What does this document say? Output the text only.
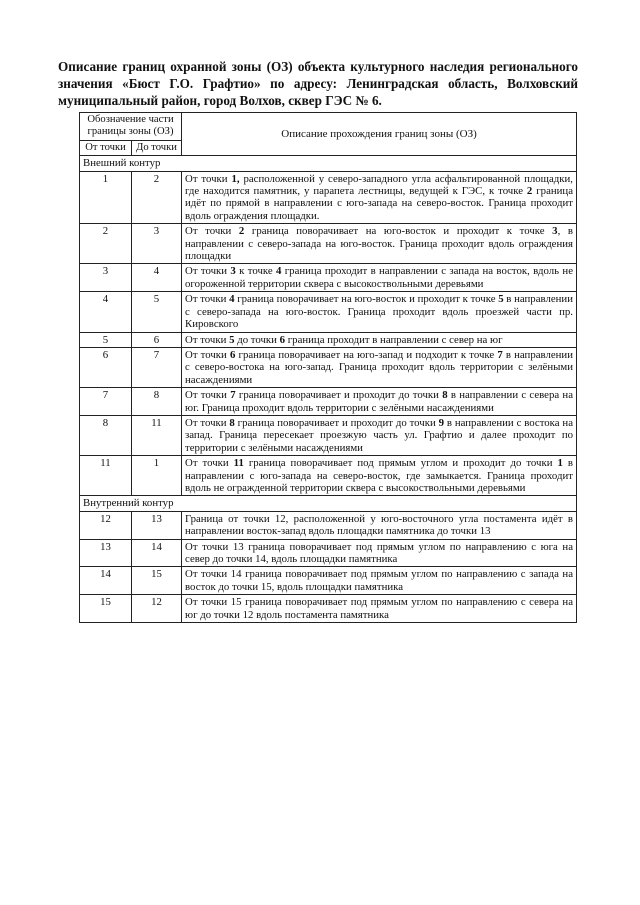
Описание границ охранной зоны (ОЗ) объекта культурного наследия регионального значения «Бюст Г.О. Графтио» по адресу: Ленинградская область, Волховский муниципальный район, город Волхов, сквер ГЭС № 6.
Обозначение части границы зоны (ОЗ)		Описание прохождения границ зоны (ОЗ)
От точки	До точки	
Внешний контур		
1	2	От точки 1, расположенной у северо-западного угла асфальтированной площадки, где находится памятник, у парапета лестницы, ведущей к ГЭС, к точке 2 граница идёт по прямой в направлении с юго-запада на северо-восток. Граница проходит вдоль ограждения площадки.
2	3	От точки 2 граница поворачивает на юго-восток и проходит к точке 3, в направлении с северо-запада на юго-восток. Граница проходит вдоль ограждения площадки
3	4	От точки 3 к точке 4 граница проходит в направлении с запада на восток, вдоль не огороженной территории сквера с высокоствольными деревьями
4	5	От точки 4 граница поворачивает на юго-восток и проходит к точке 5 в направлении с северо-запада на юго-восток. Граница проходит вдоль проезжей части пр. Кировского
5	6	От точки 5 до точки 6 граница проходит в направлении с север на юг
6	7	От точки 6 граница поворачивает на юго-запад и подходит к точке 7 в направлении с северо-востока на юго-запад. Граница проходит вдоль территории с зелёными насаждениями
7	8	От точки 7 граница поворачивает и проходит до точки 8 в направлении с севера на юг. Граница проходит вдоль территории с зелёными насаждениями
8	11	От точки 8 граница поворачивает и проходит до точки 9 в направлении с востока на запад. Граница пересекает проезжую часть ул. Графтио и далее проходит по территории с зелёными насаждениями
11	1	От точки 11 граница поворачивает под прямым углом и проходит до точки 1 в направлении с юго-запада на северо-восток, где замыкается. Граница проходит вдоль не огражденной территории сквера с высокоствольными деревьями
Внутренний контур		
12	13	Граница от точки 12, расположенной у юго-восточного угла постамента идёт в направлении восток-запад вдоль площадки памятника до точки 13
13	14	От точки 13 граница поворачивает под прямым углом по направлению с юга на север до точки 14, вдоль площадки памятника
14	15	От точки 14 граница поворачивает под прямым углом по направлению с запада на восток до точки 15, вдоль площадки памятника
15	12	От точки 15 граница поворачивает под прямым углом по направлению с севера на юг до точки 12 вдоль постамента памятника
